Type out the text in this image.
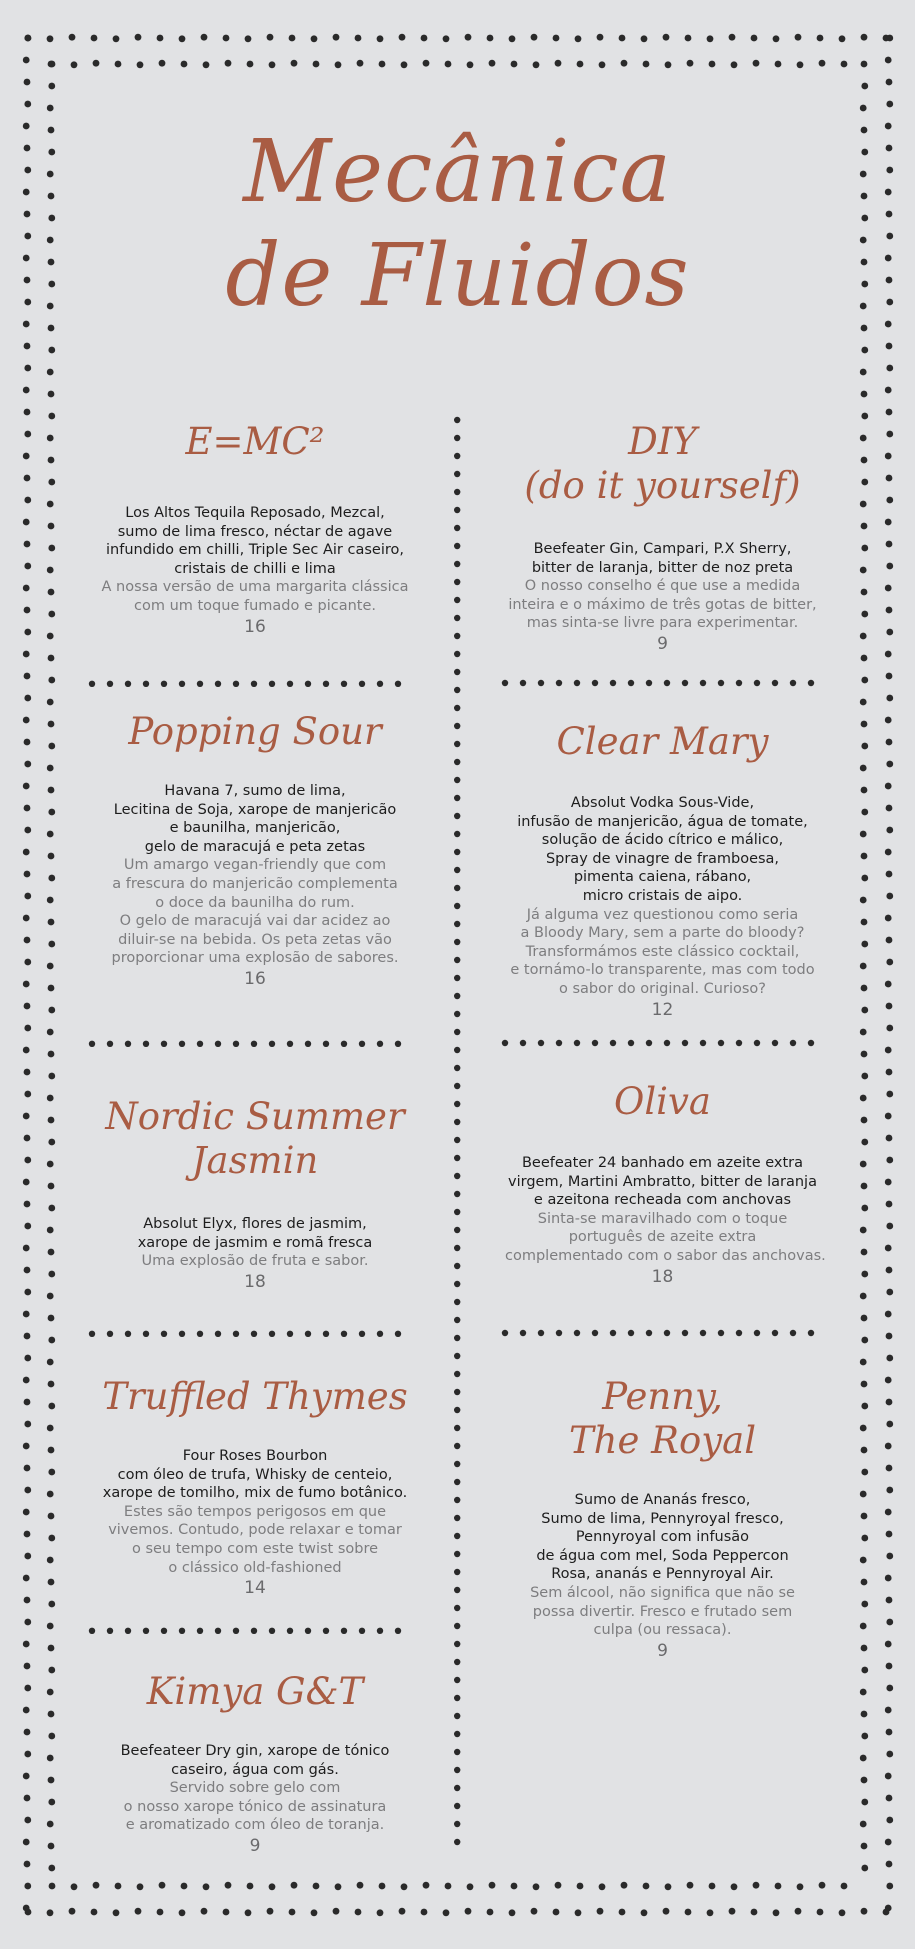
Mecânica
de Fluidos
E=MC²
Los Altos Tequila Reposado, Mezcal,
sumo de lima fresco, néctar de agave
infundido em chilli, Triple Sec Air caseiro,
cristais de chilli e lima
A nossa versão de uma margarita clássica
com um toque fumado e picante.
16
DIY
(do it yourself)
Beefeater Gin, Campari, P.X Sherry,
bitter de laranja, bitter de noz preta
O nosso conselho é que use a medida
inteira e o máximo de três gotas de bitter,
mas sinta-se livre para experimentar.
9
Popping Sour
Havana 7, sumo de lima,
Lecitina de Soja, xarope de manjericão
e baunilha, manjericão,
gelo de maracujá e peta zetas
Um amargo vegan-friendly que com
a frescura do manjericão complementa
o doce da baunilha do rum.
O gelo de maracujá vai dar acidez ao
diluir-se na bebida. Os peta zetas vão
proporcionar uma explosão de sabores.
16
Clear Mary
Absolut Vodka Sous-Vide,
infusão de manjericão, água de tomate,
solução de ácido cítrico e málico,
Spray de vinagre de framboesa,
pimenta caiena, rábano,
micro cristais de aipo.
Já alguma vez questionou como seria
a Bloody Mary, sem a parte do bloody?
Transformámos este clássico cocktail,
e tornámo-lo transparente, mas com todo
o sabor do original. Curioso?
12
Nordic Summer
Jasmin
Absolut Elyx, flores de jasmim,
xarope de jasmim e romã fresca
Uma explosão de fruta e sabor.
18
Oliva
Beefeater 24 banhado em azeite extra
virgem, Martini Ambratto, bitter de laranja
e azeitona recheada com anchovas
Sinta-se maravilhado com o toque
português de azeite extra
complementado com o sabor das anchovas.
18
Truffled Thymes
Four Roses Bourbon
com óleo de trufa, Whisky de centeio,
xarope de tomilho, mix de fumo botânico.
Estes são tempos perigosos em que
vivemos. Contudo, pode relaxar e tomar
o seu tempo com este twist sobre
o clássico old-fashioned
14
Penny,
The Royal
Sumo de Ananás fresco,
Sumo de lima, Pennyroyal fresco,
Pennyroyal com infusão
de água com mel, Soda Peppercon
Rosa, ananás e Pennyroyal Air.
Sem álcool, não significa que não se
possa divertir. Fresco e frutado sem
culpa (ou ressaca).
9
Kimya G&T
Beefeateer Dry gin, xarope de tónico
caseiro, água com gás.
Servido sobre gelo com
o nosso xarope tónico de assinatura
e aromatizado com óleo de toranja.
9
